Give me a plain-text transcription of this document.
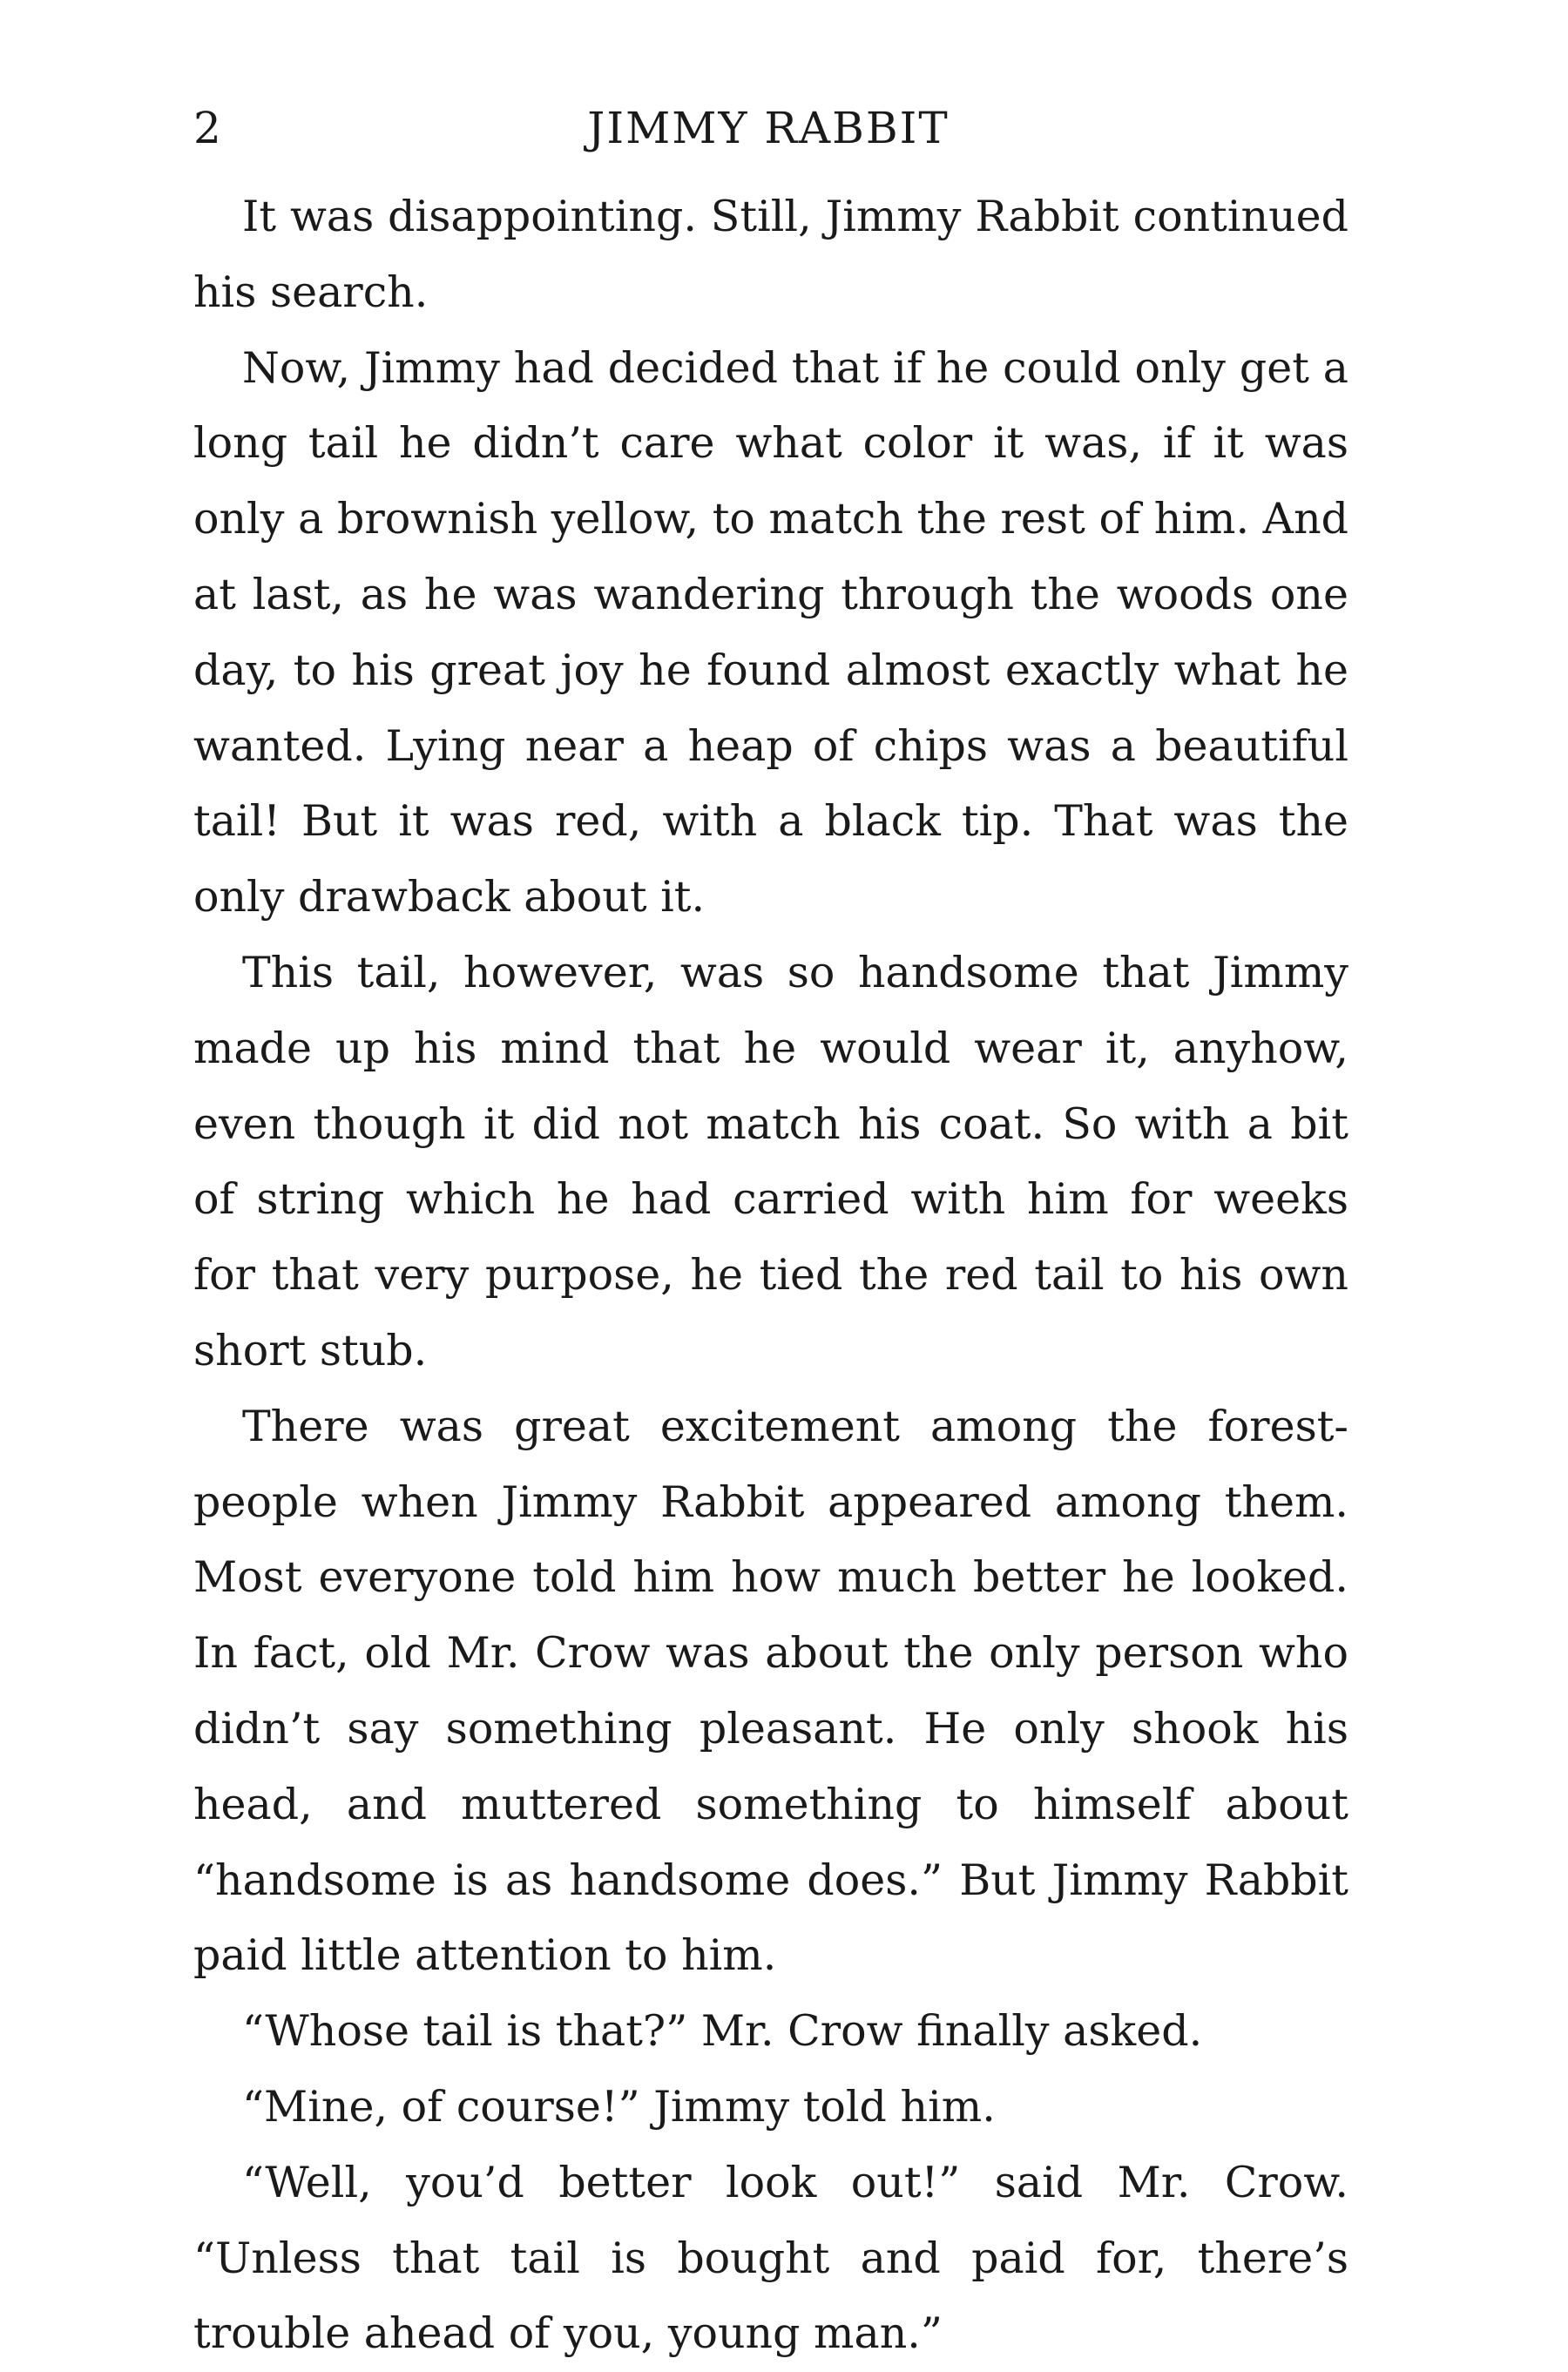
2	JIMMY RABBIT

It was disappointing. Still, Jimmy Rabbit continued his search.

Now, Jimmy had decided that if he could only get a long tail he didn’t care what color it was, if it was only a brownish yellow, to match the rest of him. And at last, as he was wandering through the woods one day, to his great joy he found almost exactly what he wanted. Lying near a heap of chips was a beautiful tail! But it was red, with a black tip. That was the only drawback about it.

This tail, however, was so handsome that Jimmy made up his mind that he would wear it, anyhow, even though it did not match his coat. So with a bit of string which he had carried with him for weeks for that very purpose, he tied the red tail to his own short stub.

There was great excitement among the forest-people when Jimmy Rabbit appeared among them. Most everyone told him how much better he looked. In fact, old Mr. Crow was about the only person who didn’t say something pleasant. He only shook his head, and muttered something to himself about “handsome is as handsome does.” But Jimmy Rabbit paid little attention to him.

“Whose tail is that?” Mr. Crow finally asked.

“Mine, of course!” Jimmy told him.

“Well, you’d better look out!” said Mr. Crow. “Unless that tail is bought and paid for, there’s trouble ahead of you, young man.”
